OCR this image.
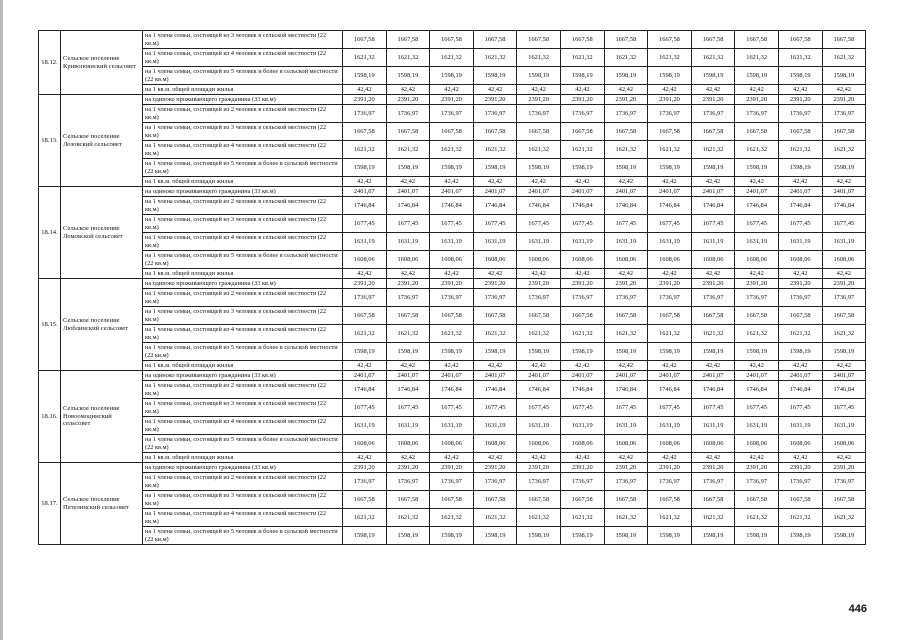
18.12.	Сельское поселение Кривопоянский сельсовет	на 1 члена семьи, состоящей из 3 человек в сельской местности (22 кв.м)	1667,58	1667,58	1667,58	1667,58	1667,58	1667,58	1667,58	1667,58	1667,58	1667,58	1667,58	1667,58
		на 1 члена семьи, состоящей из 4 человек в сельской местности (22 кв.м)	1621,32	1621,32	1621,32	1621,32	1621,32	1621,32	1621,32	1621,32	1621,32	1621,32	1621,32	1621,32
		на 1 члена семьи, состоящей из 5 человек и более в сельской местности (22 кв.м)	1598,19	1598,19	1598,19	1598,19	1598,19	1598,19	1598,19	1598,19	1598,19	1598,19	1598,19	1598,19
		на 1 кв.м. общей площади жилья	42,42	42,42	42,42	42,42	42,42	42,42	42,42	42,42	42,42	42,42	42,42	42,42
18.13.	Сельское поселение Лозовский сельсовет	на одиноко проживающего гражданина (33 кв.м)	2391,20	2391,20	2391,20	2391,20	2391,20	2391,20	2391,20	2391,20	2391,20	2391,20	2391,20	2391,20
		на 1 члена семьи, состоящей из 2 человек в сельской местности (22 кв.м)	1736,97	1736,97	1736,97	1736,97	1736,97	1736,97	1736,97	1736,97	1736,97	1736,97	1736,97	1736,97
		на 1 члена семьи, состоящей из 3 человек в сельской местности (22 кв.м)	1667,58	1667,58	1667,58	1667,58	1667,58	1667,58	1667,58	1667,58	1667,58	1667,58	1667,58	1667,58
		на 1 члена семьи, состоящей из 4 человек в сельской местности (22 кв.м)	1621,32	1621,32	1621,32	1621,32	1621,32	1621,32	1621,32	1621,32	1621,32	1621,32	1621,32	1621,32
		на 1 члена семьи, состоящей из 5 человек и более в сельской местности (22 кв.м)	1598,19	1598,19	1598,19	1598,19	1598,19	1598,19	1598,19	1598,19	1598,19	1598,19	1598,19	1598,19
		на 1 кв.м. общей площади жилья	42,42	42,42	42,42	42,42	42,42	42,42	42,42	42,42	42,42	42,42	42,42	42,42
18.14.	Сельское поселение Ломовской сельсовет	на одиноко проживающего гражданина (33 кв.м)	2401,07	2401,07	2401,07	2401,07	2401,07	2401,07	2401,07	2401,07	2401,07	2401,07	2401,07	2401,07
		на 1 члена семьи, состоящей из 2 человек в сельской местности (22 кв.м)	1746,84	1746,84	1746,84	1746,84	1746,84	1746,84	1746,84	1746,84	1746,84	1746,84	1746,84	1746,84
		на 1 члена семьи, состоящей из 3 человек в сельской местности (22 кв.м)	1677,45	1677,45	1677,45	1677,45	1677,45	1677,45	1677,45	1677,45	1677,45	1677,45	1677,45	1677,45
		на 1 члена семьи, состоящей из 4 человек в сельской местности (22 кв.м)	1631,19	1631,19	1631,19	1631,19	1631,19	1631,19	1631,19	1631,19	1631,19	1631,19	1631,19	1631,19
		на 1 члена семьи, состоящей из 5 человек и более в сельской местности (22 кв.м)	1608,06	1608,06	1608,06	1608,06	1608,06	1608,06	1608,06	1608,06	1608,06	1608,06	1608,06	1608,06
		на 1 кв.м. общей площади жилья	42,42	42,42	42,42	42,42	42,42	42,42	42,42	42,42	42,42	42,42	42,42	42,42
18.15.	Сельское поселение Люблинский сельсовет	на одиноко проживающего гражданина (33 кв.м)	2391,20	2391,20	2391,20	2391,20	2391,20	2391,20	2391,20	2391,20	2391,20	2391,20	2391,20	2391,20
		на 1 члена семьи, состоящей из 2 человек в сельской местности (22 кв.м)	1736,97	1736,97	1736,97	1736,97	1736,97	1736,97	1736,97	1736,97	1736,97	1736,97	1736,97	1736,97
		на 1 члена семьи, состоящей из 3 человек в сельской местности (22 кв.м)	1667,58	1667,58	1667,58	1667,58	1667,58	1667,58	1667,58	1667,58	1667,58	1667,58	1667,58	1667,58
		на 1 члена семьи, состоящей из 4 человек в сельской местности (22 кв.м)	1621,32	1621,32	1621,32	1621,32	1621,32	1621,32	1621,32	1621,32	1621,32	1621,32	1621,32	1621,32
		на 1 члена семьи, состоящей из 5 человек и более в сельской местности (22 кв.м)	1598,19	1598,19	1598,19	1598,19	1598,19	1598,19	1598,19	1598,19	1598,19	1598,19	1598,19	1598,19
		на 1 кв.м. общей площади жилья	42,42	42,42	42,42	42,42	42,42	42,42	42,42	42,42	42,42	42,42	42,42	42,42
18.16.	Сельское поселение Новоомоцинский сельсовет	на одиноко проживающего гражданина (33 кв.м)	2401,07	2401,07	2401,07	2401,07	2401,07	2401,07	2401,07	2401,07	2401,07	2401,07	2401,07	2401,07
		на 1 члена семьи, состоящей из 2 человек в сельской местности (22 кв.м)	1746,84	1746,84	1746,84	1746,84	1746,84	1746,84	1746,84	1746,84	1746,84	1746,84	1746,84	1746,84
		на 1 члена семьи, состоящей из 3 человек в сельской местности (22 кв.м)	1677,45	1677,45	1677,45	1677,45	1677,45	1677,45	1677,45	1677,45	1677,45	1677,45	1677,45	1677,45
		на 1 члена семьи, состоящей из 4 человек в сельской местности (22 кв.м)	1631,19	1631,19	1631,19	1631,19	1631,19	1631,19	1631,19	1631,19	1631,19	1631,19	1631,19	1631,19
		на 1 члена семьи, состоящей из 5 человек и более в сельской местности (22 кв.м)	1608,06	1608,06	1608,06	1608,06	1608,06	1608,06	1608,06	1608,06	1608,06	1608,06	1608,06	1608,06
		на 1 кв.м. общей площади жилья	42,42	42,42	42,42	42,42	42,42	42,42	42,42	42,42	42,42	42,42	42,42	42,42
18.17.	Сельское поселение Петелинский сельсовет	на одиноко проживающего гражданина (33 кв.м)	2391,20	2391,20	2391,20	2391,20	2391,20	2391,20	2391,20	2391,20	2391,20	2391,20	2391,20	2391,20
		на 1 члена семьи, состоящей из 2 человек в сельской местности (22 кв.м)	1736,97	1736,97	1736,97	1736,97	1736,97	1736,97	1736,97	1736,97	1736,97	1736,97	1736,97	1736,97
		на 1 члена семьи, состоящей из 3 человек в сельской местности (22 кв.м)	1667,58	1667,58	1667,58	1667,58	1667,58	1667,58	1667,58	1667,58	1667,58	1667,58	1667,58	1667,58
		на 1 члена семьи, состоящей из 4 человек в сельской местности (22 кв.м)	1621,32	1621,32	1621,32	1621,32	1621,32	1621,32	1621,32	1621,32	1621,32	1621,32	1621,32	1621,32
		на 1 члена семьи, состоящей из 5 человек и более в сельской местности (22 кв.м)	1598,19	1598,19	1598,19	1598,19	1598,19	1598,19	1598,19	1598,19	1598,19	1598,19	1598,19	1598,19
446
